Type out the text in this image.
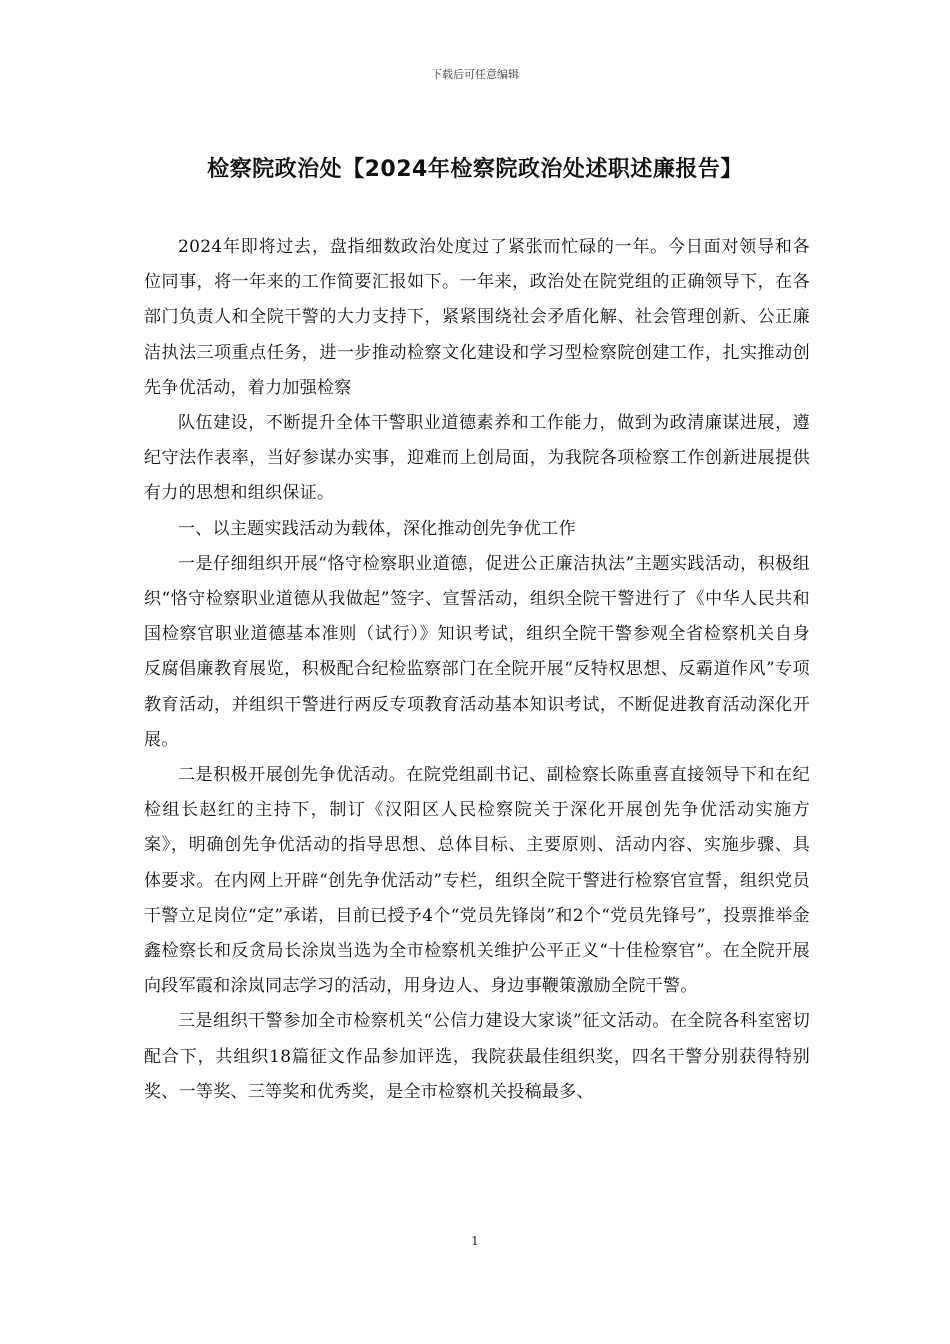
下载后可任意编辑
检察院政治处【2024年检察院政治处述职述廉报告】

2024年即将过去，盘指细数政治处度过了紧张而忙碌的一年。今日面对领导和各位同事，将一年来的工作简要汇报如下。一年来，政治处在院党组的正确领导下，在各部门负责人和全院干警的大力支持下，紧紧围绕社会矛盾化解、社会管理创新、公正廉洁执法三项重点任务，进一步推动检察文化建设和学习型检察院创建工作，扎实推动创先争优活动，着力加强检察

队伍建设，不断提升全体干警职业道德素养和工作能力，做到为政清廉谋进展，遵纪守法作表率，当好参谋办实事，迎难而上创局面，为我院各项检察工作创新进展提供有力的思想和组织保证。

一、以主题实践活动为载体，深化推动创先争优工作

一是仔细组织开展“恪守检察职业道德，促进公正廉洁执法”主题实践活动，积极组织“恪守检察职业道德从我做起”签字、宣誓活动，组织全院干警进行了《中华人民共和国检察官职业道德基本准则（试行）》知识考试，组织全院干警参观全省检察机关自身反腐倡廉教育展览，积极配合纪检监察部门在全院开展“反特权思想、反霸道作风”专项教育活动，并组织干警进行两反专项教育活动基本知识考试，不断促进教育活动深化开展。

二是积极开展创先争优活动。在院党组副书记、副检察长陈重喜直接领导下和在纪检组长赵红的主持下，制订《汉阳区人民检察院关于深化开展创先争优活动实施方案》，明确创先争优活动的指导思想、总体目标、主要原则、活动内容、实施步骤、具体要求。在内网上开辟“创先争优活动”专栏，组织全院干警进行检察官宣誓，组织党员干警立足岗位“定”承诺，目前已授予4个“党员先锋岗”和2个“党员先锋号”，投票推举金鑫检察长和反贪局长涂岚当选为全市检察机关维护公平正义“十佳检察官”。在全院开展向段军霞和涂岚同志学习的活动，用身边人、身边事鞭策激励全院干警。

三是组织干警参加全市检察机关“公信力建设大家谈”征文活动。在全院各科室密切配合下，共组织18篇征文作品参加评选，我院获最佳组织奖，四名干警分别获得特别奖、一等奖、三等奖和优秀奖，是全市检察机关投稿最多、

1
